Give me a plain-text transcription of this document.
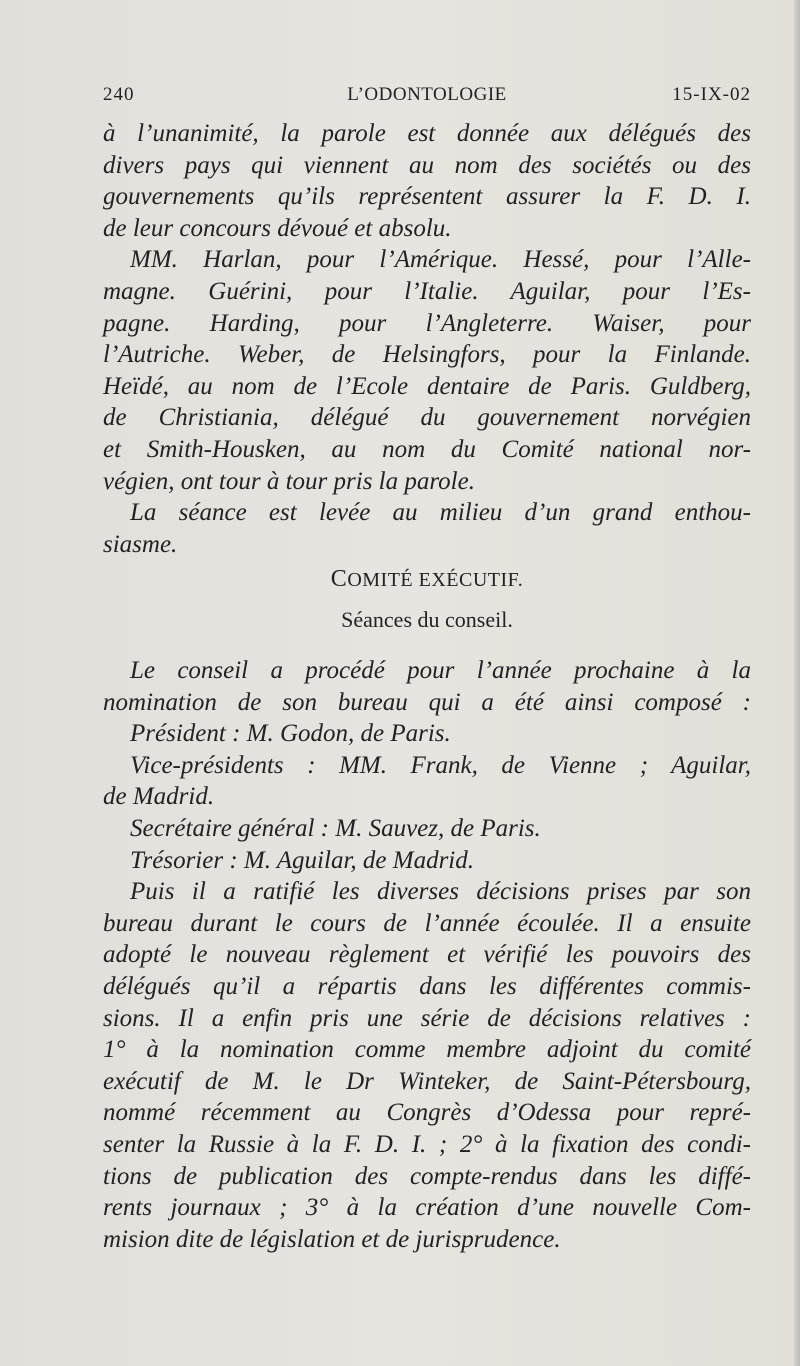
L’ODONTOLOGIE
240	15-IX-02
à l’unanimité, la parole est donnée aux délégués des
divers pays qui viennent au nom des sociétés ou des
gouvernements qu’ils représentent assurer la F. D. I.
de leur concours dévoué et absolu.
MM. Harlan, pour l’Amérique. Hessé, pour l’Alle-
magne. Guérini, pour l’Italie. Aguilar, pour l’Es-
pagne. Harding, pour l’Angleterre. Waiser, pour
l’Autriche. Weber, de Helsingfors, pour la Finlande.
Heïdé, au nom de l’Ecole dentaire de Paris. Guldberg,
de Christiania, délégué du gouvernement norvégien
et Smith-Housken, au nom du Comité national nor-
végien, ont tour à tour pris la parole.
La séance est levée au milieu d’un grand enthou-
siasme.
COMITÉ EXÉCUTIF.
Séances du conseil.
Le conseil a procédé pour l’année prochaine à la
nomination de son bureau qui a été ainsi composé :
Président : M. Godon, de Paris.
Vice-présidents : MM. Frank, de Vienne ; Aguilar,
de Madrid.
Secrétaire général : M. Sauvez, de Paris.
Trésorier : M. Aguilar, de Madrid.
Puis il a ratifié les diverses décisions prises par son
bureau durant le cours de l’année écoulée. Il a ensuite
adopté le nouveau règlement et vérifié les pouvoirs des
délégués qu’il a répartis dans les différentes commis-
sions. Il a enfin pris une série de décisions relatives :
1° à la nomination comme membre adjoint du comité
exécutif de M. le Dr Winteker, de Saint-Pétersbourg,
nommé récemment au Congrès d’Odessa pour repré-
senter la Russie à la F. D. I. ; 2° à la fixation des condi-
tions de publication des compte-rendus dans les diffé-
rents journaux ; 3° à la création d’une nouvelle Com-
mision dite de législation et de jurisprudence.
